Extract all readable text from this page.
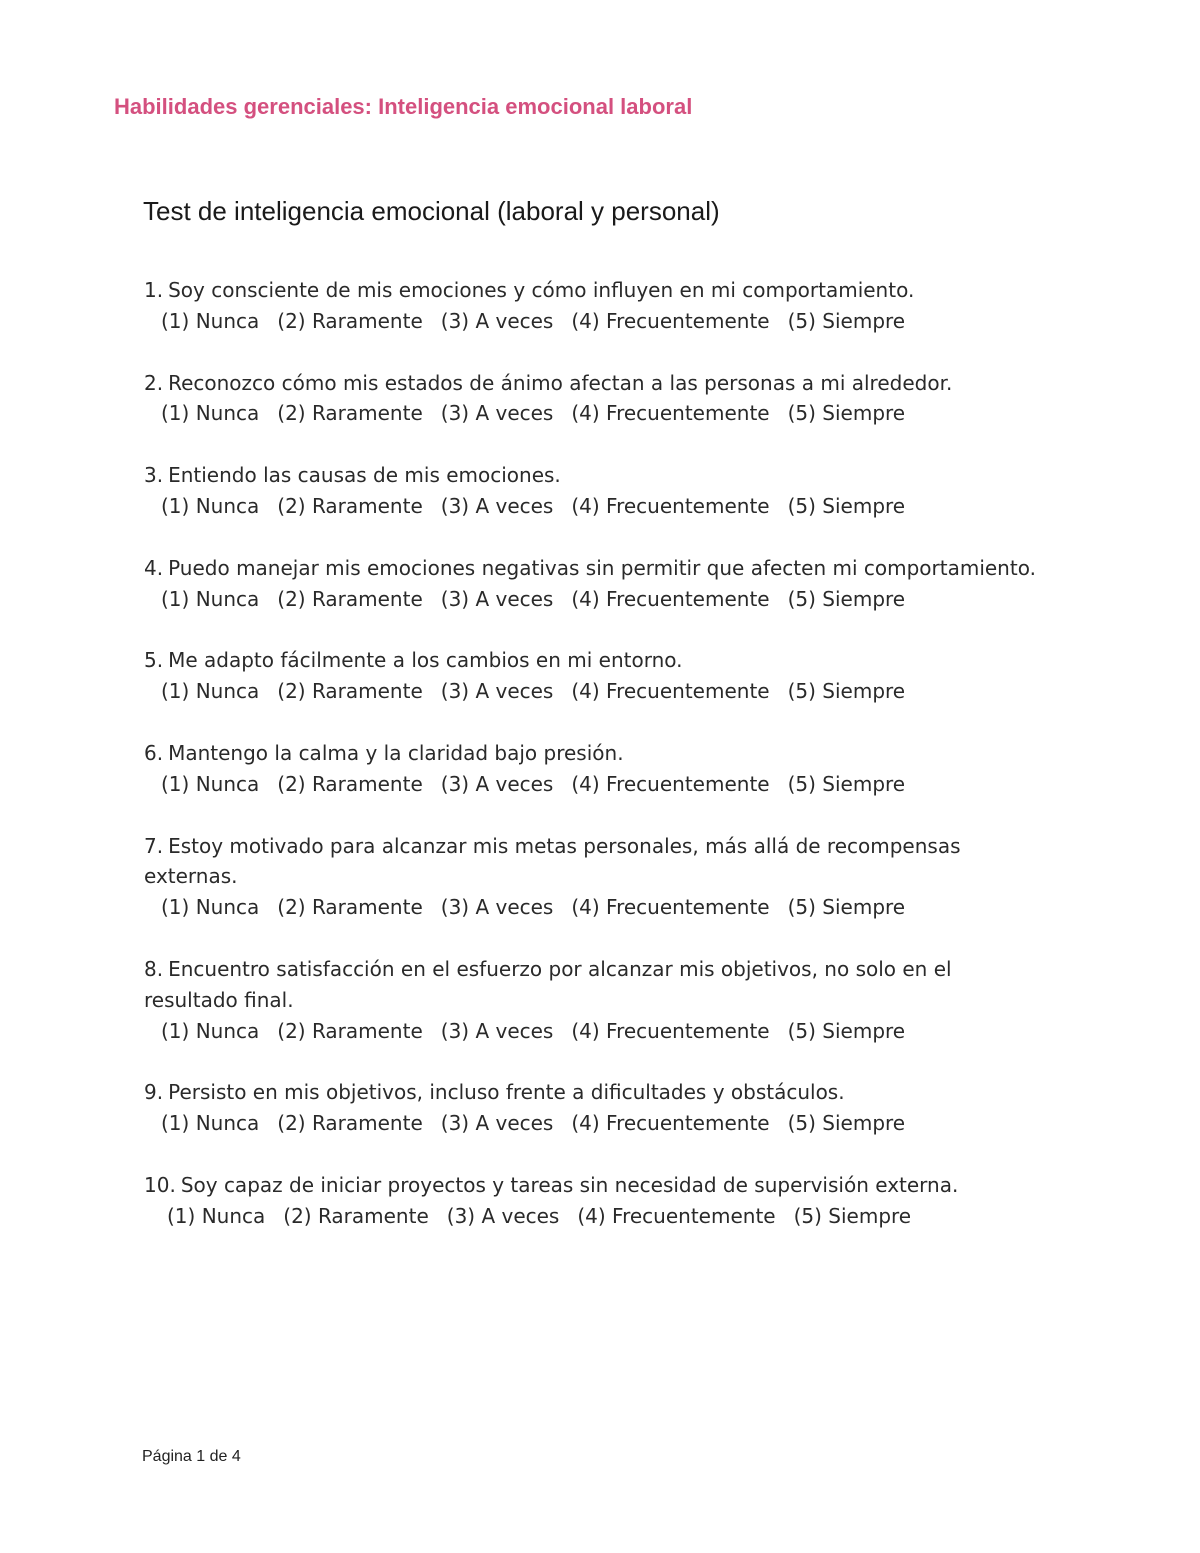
Habilidades gerenciales: Inteligencia emocional laboral
Test de inteligencia emocional (laboral y personal)
1. Soy consciente de mis emociones y cómo influyen en mi comportamiento.
(1) Nunca (2) Raramente (3) A veces (4) Frecuentemente (5) Siempre
2. Reconozco cómo mis estados de ánimo afectan a las personas a mi alrededor.
(1) Nunca (2) Raramente (3) A veces (4) Frecuentemente (5) Siempre
3. Entiendo las causas de mis emociones.
(1) Nunca (2) Raramente (3) A veces (4) Frecuentemente (5) Siempre
4. Puedo manejar mis emociones negativas sin permitir que afecten mi comportamiento.
(1) Nunca (2) Raramente (3) A veces (4) Frecuentemente (5) Siempre
5. Me adapto fácilmente a los cambios en mi entorno.
(1) Nunca (2) Raramente (3) A veces (4) Frecuentemente (5) Siempre
6. Mantengo la calma y la claridad bajo presión.
(1) Nunca (2) Raramente (3) A veces (4) Frecuentemente (5) Siempre
7. Estoy motivado para alcanzar mis metas personales, más allá de recompensas externas.
(1) Nunca (2) Raramente (3) A veces (4) Frecuentemente (5) Siempre
8. Encuentro satisfacción en el esfuerzo por alcanzar mis objetivos, no solo en el resultado final.
(1) Nunca (2) Raramente (3) A veces (4) Frecuentemente (5) Siempre
9. Persisto en mis objetivos, incluso frente a dificultades y obstáculos.
(1) Nunca (2) Raramente (3) A veces (4) Frecuentemente (5) Siempre
10. Soy capaz de iniciar proyectos y tareas sin necesidad de supervisión externa.
(1) Nunca (2) Raramente (3) A veces (4) Frecuentemente (5) Siempre
Página 1 de 4
